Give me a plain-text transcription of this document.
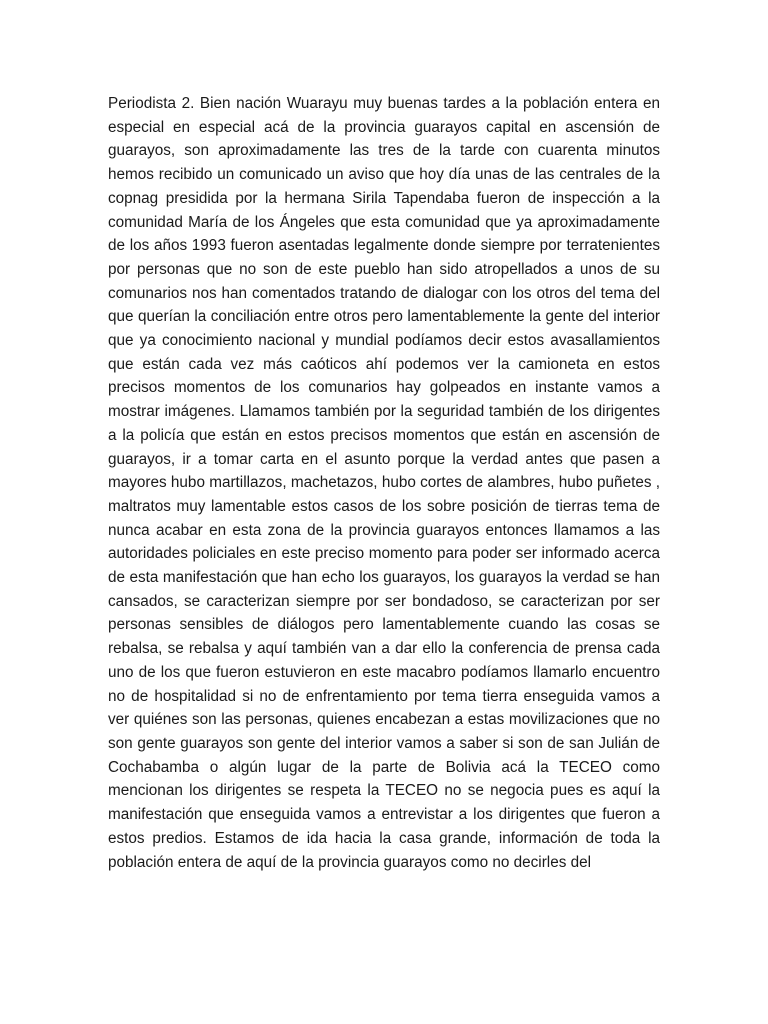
Periodista 2. Bien nación Wuarayu muy buenas tardes a la población entera en especial en especial acá de la provincia guarayos capital en ascensión de guarayos, son aproximadamente las tres de la tarde con cuarenta minutos hemos recibido un comunicado un aviso que hoy día unas de las centrales de la copnag presidida por la hermana Sirila Tapendaba fueron de inspección a la comunidad María de los Ángeles que esta comunidad que ya aproximadamente de los años 1993 fueron asentadas legalmente donde siempre por terratenientes por personas que no son de este pueblo han sido atropellados a unos de su comunarios nos han comentados tratando de dialogar con los otros del tema del que querían la conciliación entre otros pero lamentablemente la gente del interior que ya conocimiento nacional y mundial podíamos decir estos avasallamientos que están cada vez más caóticos ahí podemos ver la camioneta en estos precisos momentos de los comunarios hay golpeados en instante vamos a mostrar imágenes. Llamamos también por la seguridad también de los dirigentes a la policía que están en estos precisos momentos que están en ascensión de guarayos, ir a tomar carta en el asunto porque la verdad antes que pasen a mayores hubo martillazos, machetazos, hubo cortes de alambres, hubo puñetes , maltratos muy lamentable estos casos de los sobre posición de tierras tema de nunca acabar en esta zona de la provincia guarayos entonces llamamos a las autoridades policiales en este preciso momento para poder ser informado acerca de esta manifestación que han echo los guarayos, los guarayos la verdad se han cansados, se caracterizan siempre por ser bondadoso, se caracterizan por ser personas sensibles de diálogos pero lamentablemente cuando las cosas se rebalsa, se rebalsa y aquí también van a dar ello la conferencia de prensa cada uno de los que fueron estuvieron en este macabro podíamos llamarlo encuentro no de hospitalidad si no de enfrentamiento por tema tierra enseguida vamos a ver quiénes son las personas, quienes encabezan a estas movilizaciones que no son gente guarayos son gente del interior vamos a saber si son de san Julián de Cochabamba o algún lugar de la parte de Bolivia acá la TECEO como mencionan los dirigentes se respeta la TECEO no se negocia pues es aquí la manifestación que enseguida vamos a entrevistar a los dirigentes que fueron a estos predios. Estamos de ida hacia la casa grande, información de toda la población entera de aquí de la provincia guarayos como no decirles del
